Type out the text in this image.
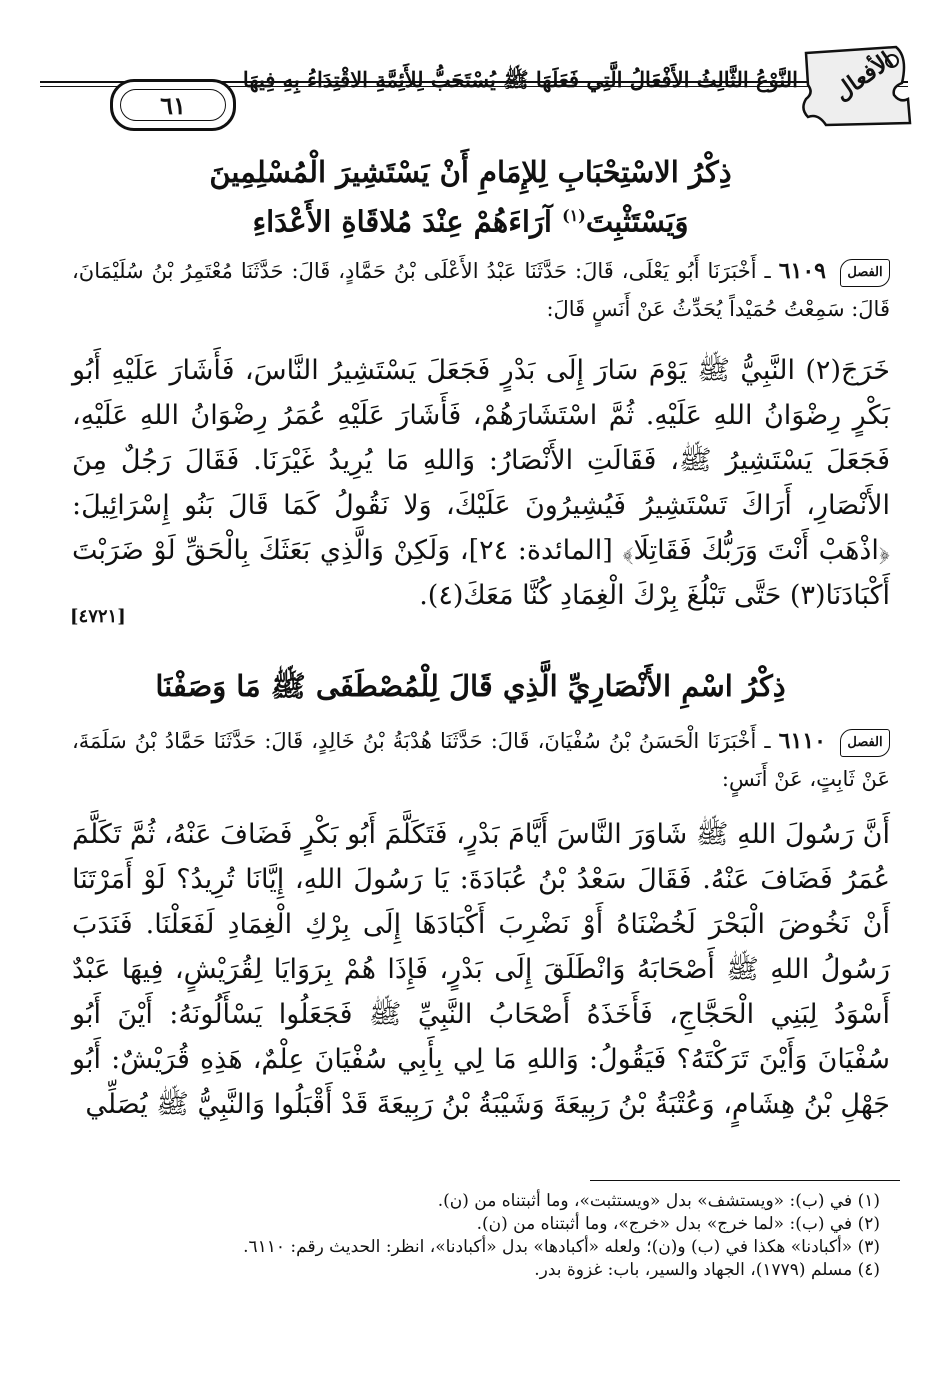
٦١
النَّوْعُ الثَّالِثُ الأَفْعَالُ الَّتِي فَعَلَهَا ﷺ يُسْتَحَبُّ لِلأَئِمَّةِ الاقْتِدَاءُ بِهِ فِيهَا الأفعال
ذِكْرُ الاسْتِحْبَابِ لِلإِمَامِ أَنْ يَسْتَشِيرَ الْمُسْلِمِينَ
وَيَسْتَثْبِتَ$^{(١)}$ آرَاءَهُمْ عِنْدَ مُلاقَاةِ الأَعْدَاءِ
الفصل ٦١٠٩ ـ أَخْبَرَنَا أَبُو يَعْلَى، قَالَ: حَدَّثَنَا عَبْدُ الأَعْلَى بْنُ حَمَّادٍ، قَالَ: حَدَّثَنَا مُعْتَمِرُ بْنُ سُلَيْمَانَ، قَالَ: سَمِعْتُ حُمَيْداً يُحَدِّثُ عَنْ أَنَسٍ قَالَ:
خَرَجَ(٢) النَّبِيُّ ﷺ يَوْمَ سَارَ إِلَى بَدْرٍ فَجَعَلَ يَسْتَشِيرُ النَّاسَ، فَأَشَارَ عَلَيْهِ أَبُو بَكْرٍ رِضْوَانُ اللهِ عَلَيْهِ. ثُمَّ اسْتَشَارَهُمْ، فَأَشَارَ عَلَيْهِ عُمَرُ رِضْوَانُ اللهِ عَلَيْهِ، فَجَعَلَ يَسْتَشِيرُ ﷺ، فَقَالَتِ الأَنْصَارُ: وَاللهِ مَا يُرِيدُ غَيْرَنَا. فَقَالَ رَجُلٌ مِنَ الأَنْصَارِ، أَرَاكَ تَسْتَشِيرُ فَيُشِيرُونَ عَلَيْكَ، وَلا نَقُولُ كَمَا قَالَ بَنُو إِسْرَائِيلَ: ﴿اذْهَبْ أَنْتَ وَرَبُّكَ فَقَاتِلَا﴾ [المائدة: ٢٤]، وَلَكِنْ وَالَّذِي بَعَثَكَ بِالْحَقِّ لَوْ ضَرَبْتَ أَكْبَادَنَا(٣) حَتَّى تَبْلُغَ بِرْكَ الْغِمَادِ كُنَّا مَعَكَ(٤).
[٤٧٢١]
ذِكْرُ اسْمِ الأَنْصَارِيِّ الَّذِي قَالَ لِلْمُصْطَفَى ﷺ مَا وَصَفْنَا
الفصل ٦١١٠ ـ أَخْبَرَنَا الْحَسَنُ بْنُ سُفْيَانَ، قَالَ: حَدَّثَنَا هُدْبَةُ بْنُ خَالِدٍ، قَالَ: حَدَّثَنَا حَمَّادُ بْنُ سَلَمَةَ، عَنْ ثَابِتٍ، عَنْ أَنَسٍ:
أَنَّ رَسُولَ اللهِ ﷺ شَاوَرَ النَّاسَ أَيَّامَ بَدْرٍ، فَتَكَلَّمَ أَبُو بَكْرٍ فَضَافَ عَنْهُ، ثُمَّ تَكَلَّمَ عُمَرُ فَضَافَ عَنْهُ. فَقَالَ سَعْدُ بْنُ عُبَادَةَ: يَا رَسُولَ اللهِ، إِيَّانَا تُرِيدُ؟ لَوْ أَمَرْتَنَا أَنْ نَخُوضَ الْبَحْرَ لَخُضْنَاهُ أَوْ نَضْرِبَ أَكْبَادَهَا إِلَى بِرْكِ الْغِمَادِ لَفَعَلْنَا. فَنَدَبَ رَسُولُ اللهِ ﷺ أَصْحَابَهُ وَانْطَلَقَ إِلَى بَدْرٍ، فَإِذَا هُمْ بِرَوَايَا لِقُرَيْشٍ، فِيهَا عَبْدٌ أَسْوَدُ لِبَنِي الْحَجَّاجِ، فَأَخَذَهُ أَصْحَابُ النَّبِيِّ ﷺ فَجَعَلُوا يَسْأَلُونَهُ: أَيْنَ أَبُو سُفْيَانَ وَأَيْنَ تَرَكْتَهُ؟ فَيَقُولُ: وَاللهِ مَا لِي بِأَبِي سُفْيَانَ عِلْمٌ، هَذِهِ قُرَيْشٌ: أَبُو جَهْلِ بْنُ هِشَامٍ، وَعُتْبَةُ بْنُ رَبِيعَةَ وَشَيْبَةُ بْنُ رَبِيعَةَ قَدْ أَقْبَلُوا وَالنَّبِيُّ ﷺ يُصَلِّي
(١) في (ب): «ويستشف» بدل «ويستثبت»، وما أثبتناه من (ن).
(٢) في (ب): «لما خرج» بدل «خرج»، وما أثبتناه من (ن).
(٣) «أكبادنا» هكذا في (ب) و(ن)؛ ولعله «أكبادها» بدل «أكبادنا»، انظر: الحديث رقم: ٦١١٠.
(٤) مسلم (١٧٧٩)، الجهاد والسير، باب: غزوة بدر.
